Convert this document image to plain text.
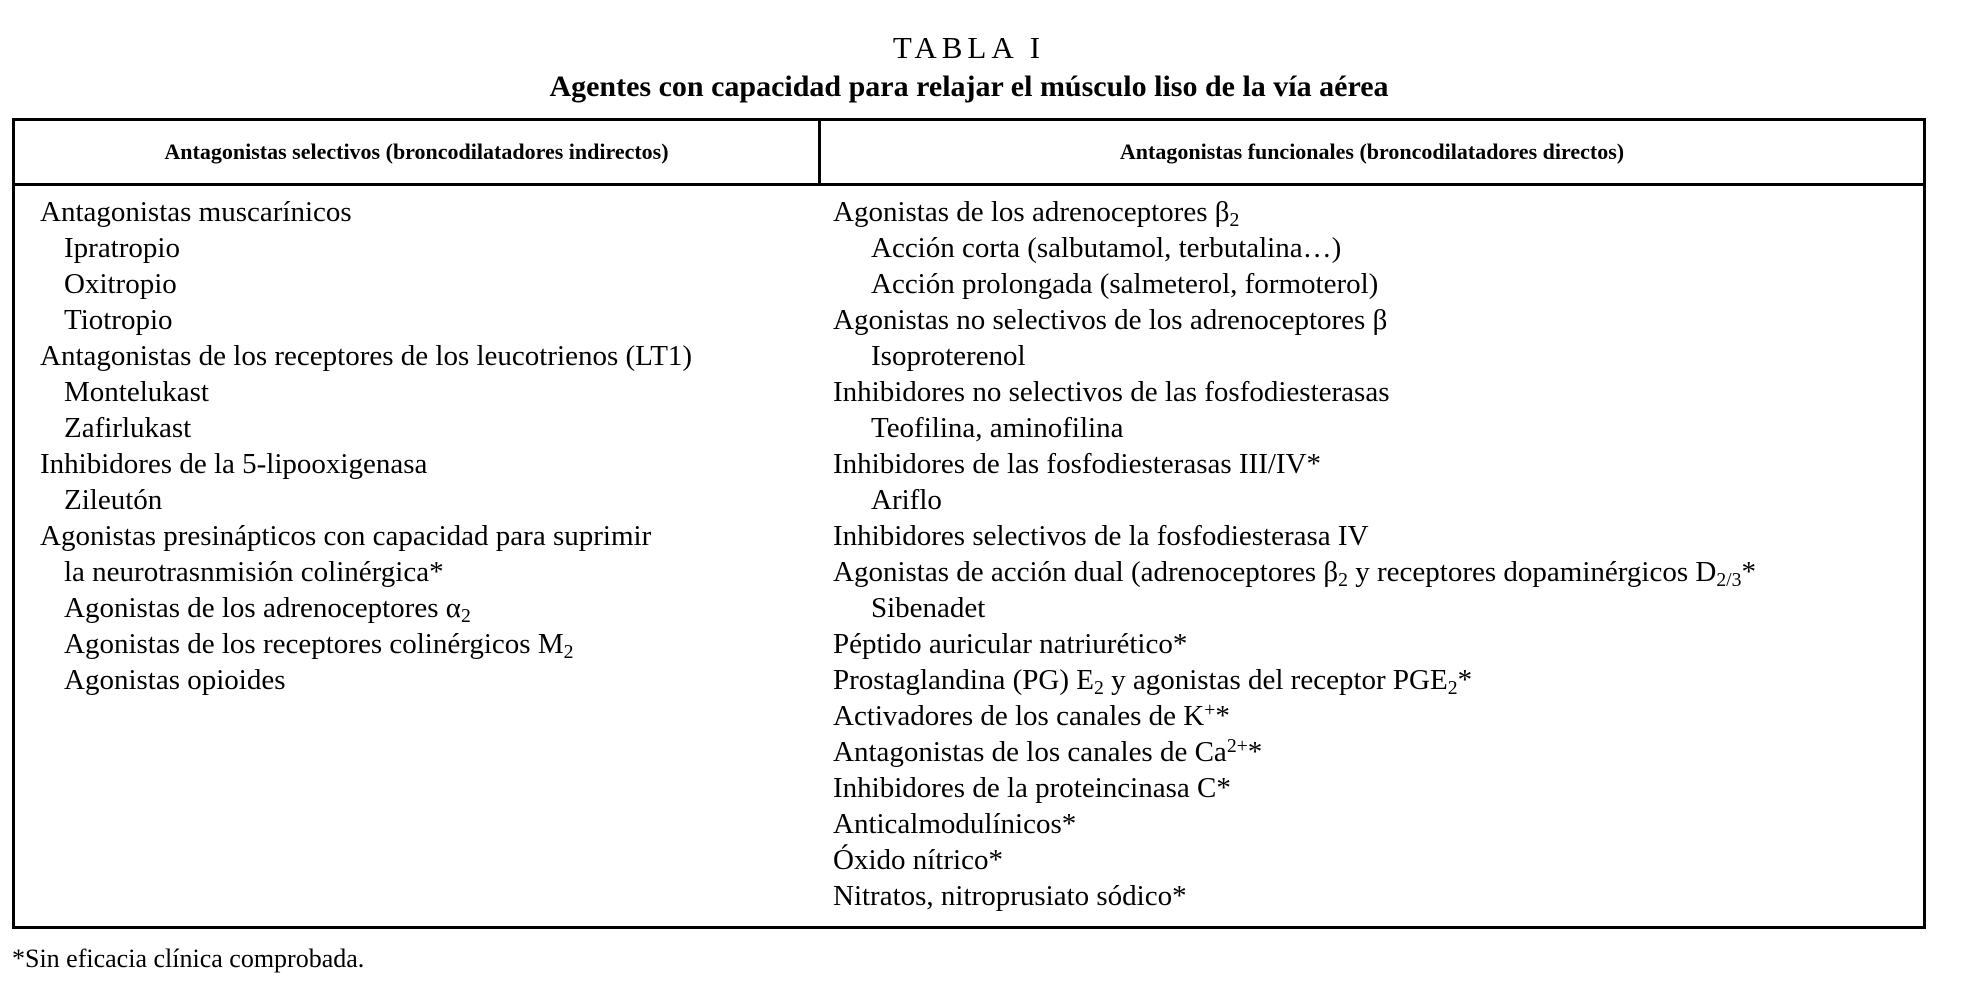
TABLA I
Agentes con capacidad para relajar el músculo liso de la vía aérea
Antagonistas selectivos (broncodilatadores indirectos)	Antagonistas funcionales (broncodilatadores directos)
Antagonistas muscarínicos
Ipratropio
Oxitropio
Tiotropio
Antagonistas de los receptores de los leucotrienos (LT1)
Montelukast
Zafirlukast
Inhibidores de la 5-lipooxigenasa
Zileutón
Agonistas presinápticos con capacidad para suprimir
la neurotrasnmisión colinérgica*
Agonistas de los adrenoceptores $\alpha_2$
Agonistas de los receptores colinérgicos $M_2$
Agonistas opioides
Agonistas de los adrenoceptores $\beta_2$
Acción corta (salbutamol, terbutalina…)
Acción prolongada (salmeterol, formoterol)
Agonistas no selectivos de los adrenoceptores β
Isoproterenol
Inhibidores no selectivos de las fosfodiesterasas
Teofilina, aminofilina
Inhibidores de las fosfodiesterasas III/IV*
Ariflo
Inhibidores selectivos de la fosfodiesterasa IV
Agonistas de acción dual (adrenoceptores $\beta_2$ y receptores dopaminérgicos $D_{2/3}*$
Sibenadet
Péptido auricular natriurético*
Prostaglandina (PG) $E_2$ y agonistas del receptor $PGE_2*$
Activadores de los canales de K+*
Antagonistas de los canales de $Ca^{2+}*$
Inhibidores de la proteincinasa C*
Anticalmodulínicos*
Óxido nítrico*
Nitratos, nitroprusiato sódico*
*Sin eficacia clínica comprobada.
